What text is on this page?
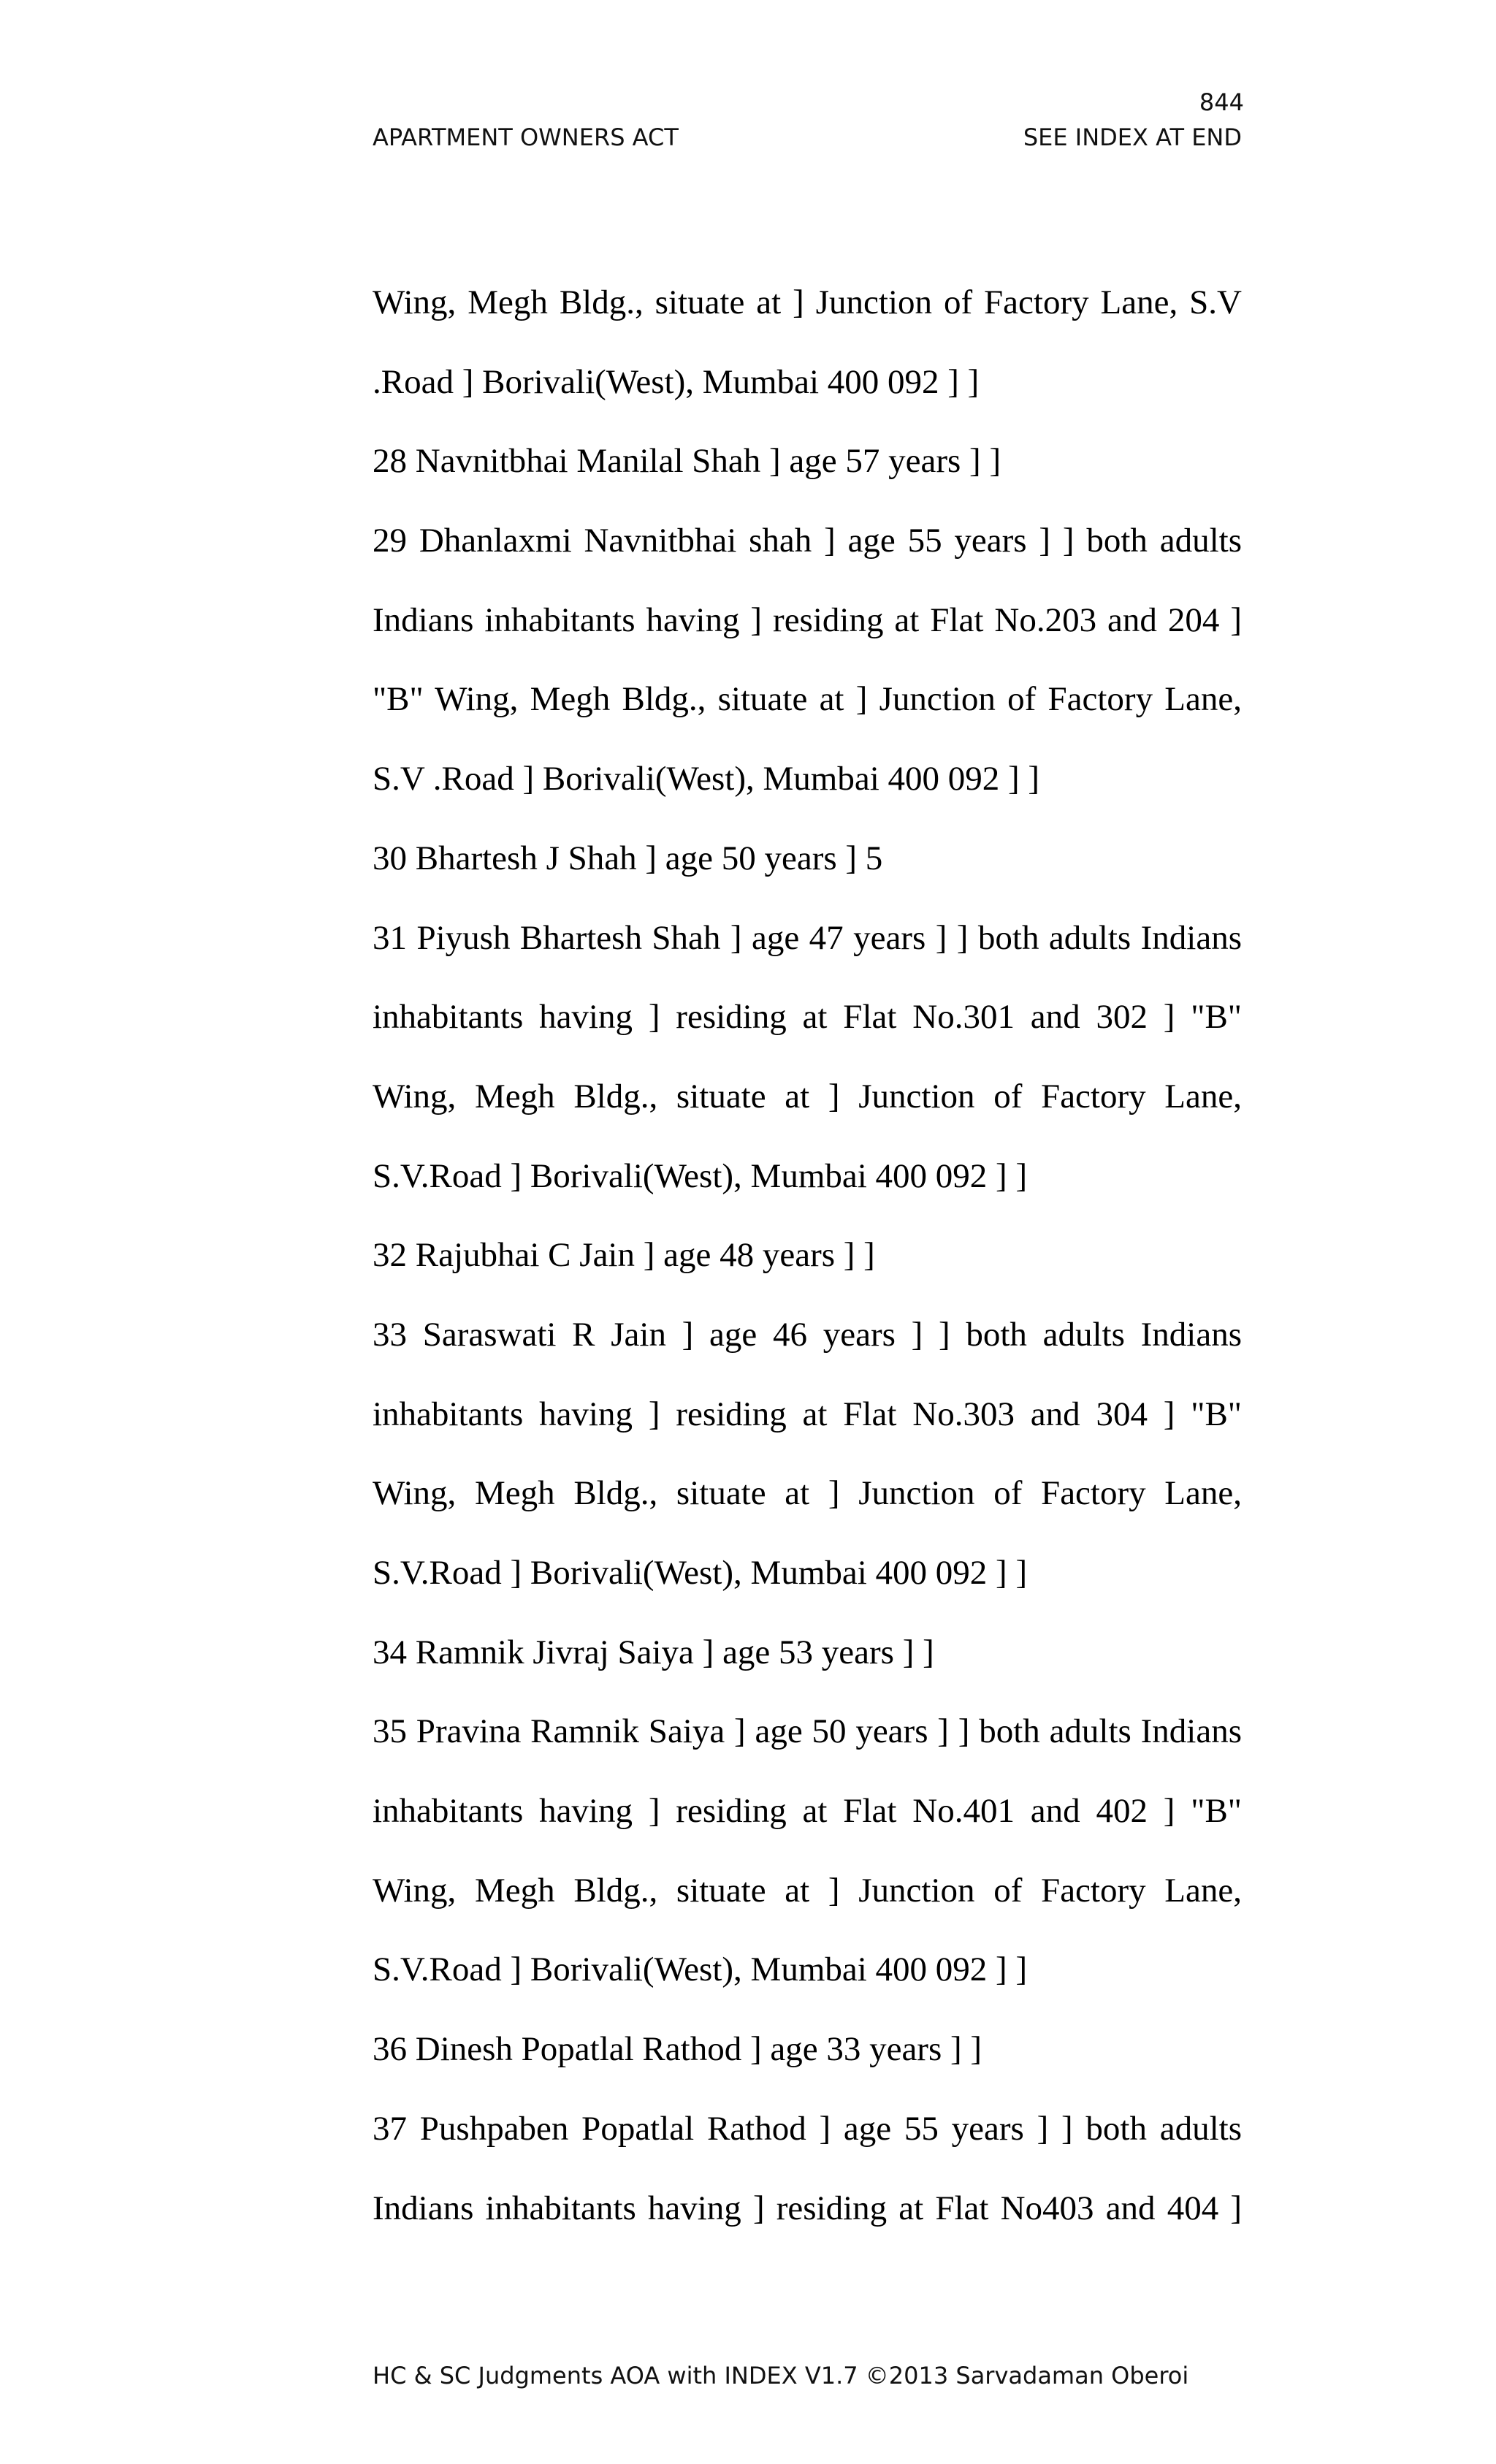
844
APARTMENT OWNERS ACT	SEE INDEX AT END
Wing, Megh Bldg., situate at ] Junction of Factory Lane, S.V
.Road ] Borivali(West), Mumbai 400 092 ] ]
28 Navnitbhai Manilal Shah ] age 57 years ] ]
29 Dhanlaxmi Navnitbhai shah ] age 55 years ] ] both adults
Indians inhabitants having ] residing at Flat No.203 and 204 ]
"B" Wing, Megh Bldg., situate at ] Junction of Factory Lane,
S.V .Road ] Borivali(West), Mumbai 400 092 ] ]
30 Bhartesh J Shah ] age 50 years ] 5
31 Piyush Bhartesh Shah ] age 47 years ] ] both adults Indians
inhabitants having ] residing at Flat No.301 and 302 ] "B"
Wing, Megh Bldg., situate at ] Junction of Factory Lane,
S.V.Road ] Borivali(West), Mumbai 400 092 ] ]
32 Rajubhai C Jain ] age 48 years ] ]
33 Saraswati R Jain ] age 46 years ] ] both adults Indians
inhabitants having ] residing at Flat No.303 and 304 ] "B"
Wing, Megh Bldg., situate at ] Junction of Factory Lane,
S.V.Road ] Borivali(West), Mumbai 400 092 ] ]
34 Ramnik Jivraj Saiya ] age 53 years ] ]
35 Pravina Ramnik Saiya ] age 50 years ] ] both adults Indians
inhabitants having ] residing at Flat No.401 and 402 ] "B"
Wing, Megh Bldg., situate at ] Junction of Factory Lane,
S.V.Road ] Borivali(West), Mumbai 400 092 ] ]
36 Dinesh Popatlal Rathod ] age 33 years ] ]
37 Pushpaben Popatlal Rathod ] age 55 years ] ] both adults
Indians inhabitants having ] residing at Flat No403 and 404 ]
HC & SC Judgments AOA with INDEX V1.7 ©2013 Sarvadaman Oberoi
